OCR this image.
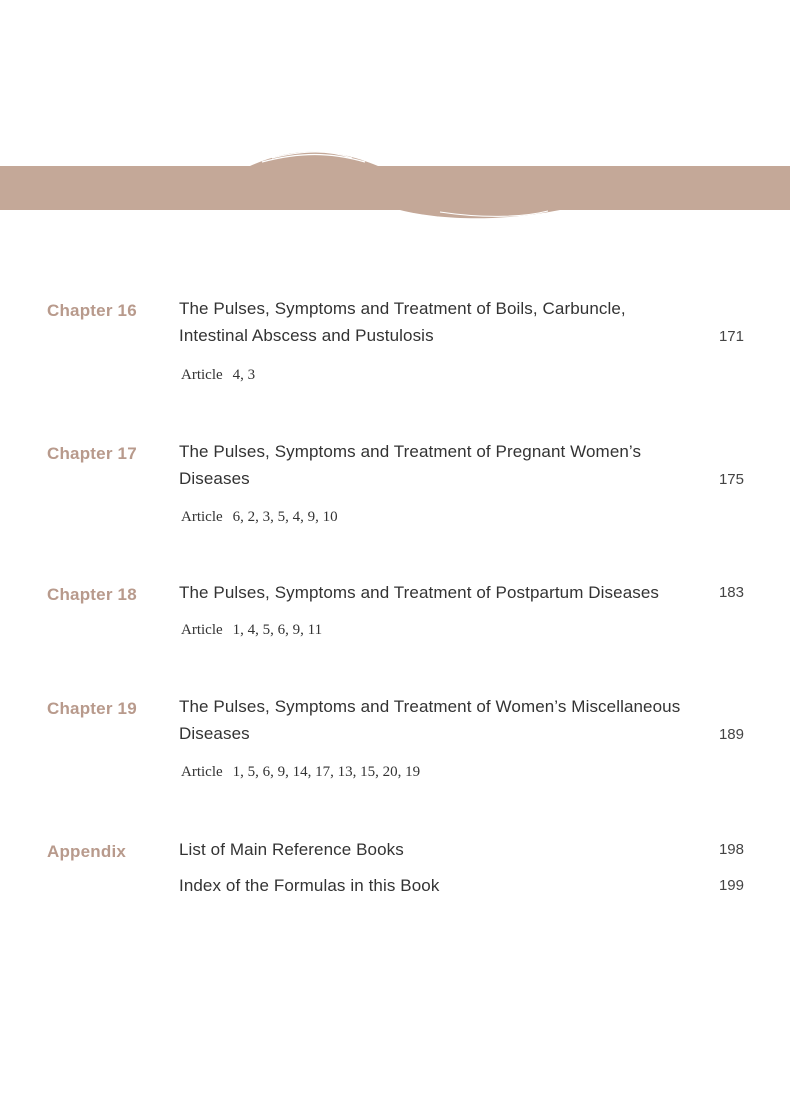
Chapter 16 The Pulses, Symptoms and Treatment of Boils, Carbuncle,
Intestinal Abscess and Pustulosis	171
Article 4, 3
Chapter 17 The Pulses, Symptoms and Treatment of Pregnant Women’s
Diseases	175
Article 6, 2, 3, 5, 4, 9, 10
Chapter 18 The Pulses, Symptoms and Treatment of Postpartum Diseases	183
Article 1, 4, 5, 6, 9, 11
Chapter 19 The Pulses, Symptoms and Treatment of Women’s Miscellaneous
Diseases	189
Article 1, 5, 6, 9, 14, 17, 13, 15, 20, 19
Appendix	List of Main Reference Books	198
Index of the Formulas in this Book	199
